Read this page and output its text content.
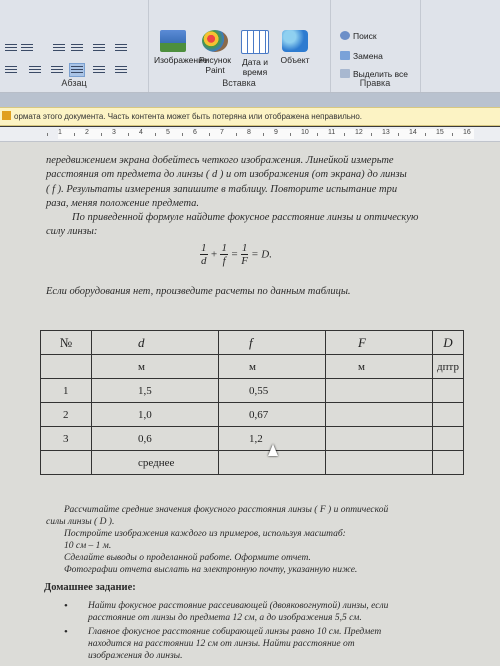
Абзац
Изображение
Рисунок Paint
Дата и время
Объект
Вставка	Правка
Поиск
Замена
Выделить все
ормата этого документа. Часть контента может быть потеряна или отображена неправильно.
1	2	3	4	5	6	7	8	9	10	11	12	13	14	15	16
передвижением экрана добейтесь четкого изображения. Линейкой измерьте
расстояния от предмета до линзы ( d ) и от изображения (от экрана) до линзы
( f ). Результаты измерения запишите в таблицу. Повторите испытание три
раза, меняя положение предмета.
По приведенной формуле найдите фокусное расстояние линзы и оптическую
силу линзы:
$\frac{1}{d} + \frac{1}{f} = \frac{1}{F} = D$.
Если оборудования нет, произведите расчеты по данным таблицы.
№	d	f	F	D
	м	м	м	дптр
1	1,5	0,55		
2	1,0	0,67		
3	0,6	1,2		
	среднее			
Рассчитайте средние значения фокусного расстояния линзы ( F ) и оптической
силы линзы ( D ).
Постройте изображения каждого из примеров, используя масштаб:
10 см – 1 м.
Сделайте выводы о проделанной работе. Оформите отчет.
Фотографии отчета выслать на электронную почту, указанную ниже.
Домашнее задание:
• Найти фокусное расстояние рассеивающей (двояковогнутой) линзы, если
расстояние от линзы до предмета 12 см, а до изображения 5,5 см.
• Главное фокусное расстояние собирающей линзы равно 10 см. Предмет
находится на расстоянии 12 см от линзы. Найти расстояние от
изображения до линзы.
